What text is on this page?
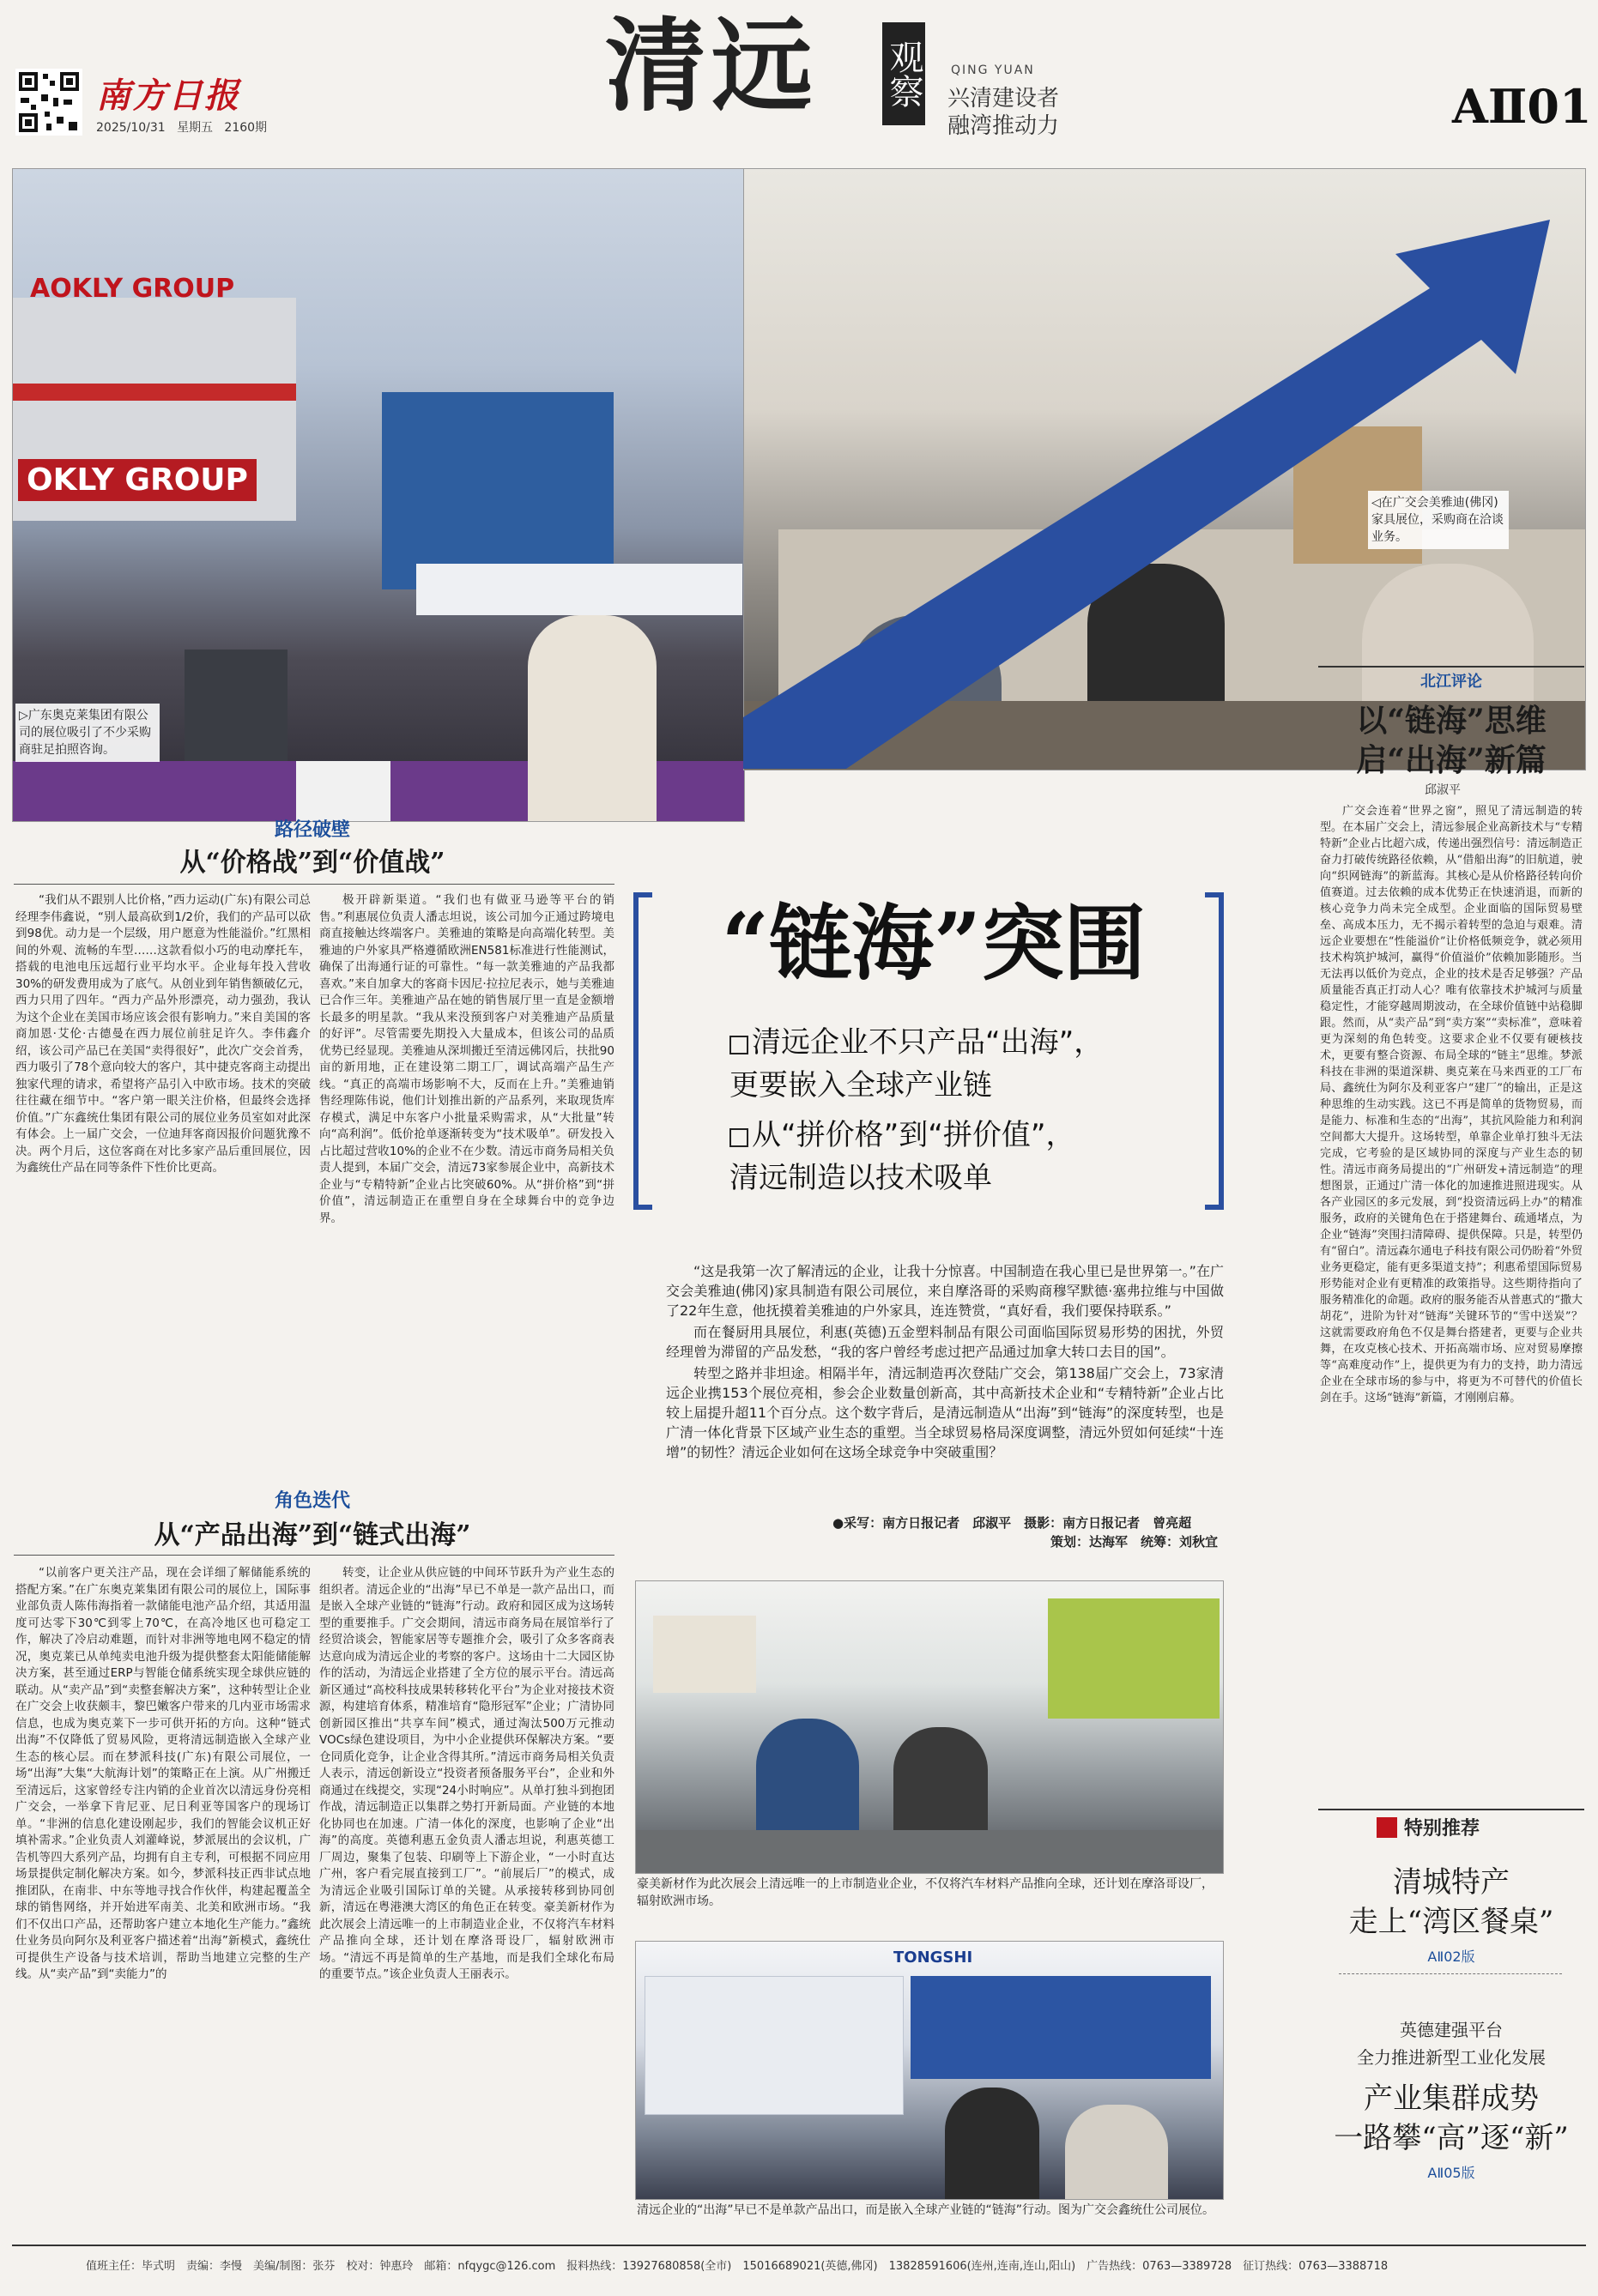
南方日报
2025/10/31 星期五 2160期
清远 观察 QING YUAN
兴清建设者
融湾推动力	AⅡ01
AOKLY GROUP
OKLY GROUP
▷广东奥克莱集团有限公司的展位吸引了不少采购商驻足拍照咨询。
◁在广交会美雅迪(佛冈)家具展位，采购商在洽谈业务。
“链海”突围
清远企业不只产品“出海”，
更要嵌入全球产业链
从“拼价格”到“拼价值”，
清远制造以技术吸单

“这是我第一次了解清远的企业，让我十分惊喜。中国制造在我心里已是世界第一。”在广交会美雅迪(佛冈)家具制造有限公司展位，来自摩洛哥的采购商穆罕默德·塞弗拉维与中国做了22年生意，他抚摸着美雅迪的户外家具，连连赞赏，“真好看，我们要保持联系。”

而在餐厨用具展位，利惠(英德)五金塑料制品有限公司面临国际贸易形势的困扰，外贸经理曾为滞留的产品发愁，“我的客户曾经考虑过把产品通过加拿大转口去目的国”。

转型之路并非坦途。相隔半年，清远制造再次登陆广交会，第138届广交会上，73家清远企业携153个展位亮相，参会企业数量创新高，其中高新技术企业和“专精特新”企业占比较上届提升超11个百分点。这个数字背后，是清远制造从“出海”到“链海”的深度转型，也是广清一体化背景下区域产业生态的重塑。当全球贸易格局深度调整，清远外贸如何延续“十连增”的韧性？清远企业如何在这场全球竞争中突破重围？

●采写：南方日报记者　邱淑平　摄影：南方日报记者　曾亮超
策划：达海军　统筹：刘秋宜
豪美新材作为此次展会上清远唯一的上市制造业企业，不仅将汽车材料产品推向全球，还计划在摩洛哥设厂，辐射欧洲市场。
TONGSHI
清远企业的“出海”早已不是单款产品出口，而是嵌入全球产业链的“链海”行动。图为广交会鑫统仕公司展位。
路径破壁
从“价格战”到“价值战”
“我们从不跟别人比价格，”西力运动(广东)有限公司总经理李伟鑫说，“别人最高砍到1/2价，我们的产品可以砍到98优。动力是一个层级，用户愿意为性能溢价。”红黑相间的外观、流畅的车型……这款看似小巧的电动摩托车，搭载的电池电压远超行业平均水平。企业每年投入营收30%的研发费用成为了底气。从创业到年销售额破亿元，西力只用了四年。“西力产品外形漂亮，动力强劲，我认为这个企业在美国市场应该会很有影响力。”来自美国的客商加恩·艾伦·古德曼在西力展位前驻足许久。李伟鑫介绍，该公司产品已在美国“卖得很好”，此次广交会首秀，西力吸引了78个意向较大的客户，其中捷克客商主动提出独家代理的请求，希望将产品引入中欧市场。技术的突破往往藏在细节中。“客户第一眼关注价格，但最终会选择价值。”广东鑫统仕集团有限公司的展位业务员室如对此深有体会。上一届广交会，一位迪拜客商因报价问题犹豫不决。两个月后，这位客商在对比多家产品后重回展位，因为鑫统仕产品在同等条件下性价比更高。
极开辟新渠道。“我们也有做亚马逊等平台的销售。”利惠展位负责人潘志坦说，该公司加今正通过跨境电商直接触达终端客户。美雅迪的策略是向高端化转型。美雅迪的户外家具严格遵循欧洲EN581标准进行性能测试，确保了出海通行证的可靠性。“每一款美雅迪的产品我都喜欢。”来自加拿大的客商卡因尼·拉拉尼表示，她与美雅迪已合作三年。美雅迪产品在她的销售展厅里一直是金额增长最多的明星款。“我从来没预到客户对美雅迪产品质量的好评”。尽管需要先期投入大量成本，但该公司的品质优势已经显现。美雅迪从深圳搬迁至清远佛冈后，扶批90亩的新用地，正在建设第二期工厂，调试高端产品生产线。“真正的高端市场影响不大，反而在上升。”美雅迪销售经理陈伟说，他们计划推出新的产品系列，来取现货库存模式，满足中东客户小批量采购需求，从“大批量”转向“高利润”。低价抢单逐渐转变为“技术吸单”。研发投入占比超过营收10%的企业不在少数。清远市商务局相关负责人提到，本届广交会，清远73家参展企业中，高新技术企业与“专精特新”企业占比突破60%。从“拼价格”到“拼价值”，清远制造正在重塑自身在全球舞台中的竞争边界。
角色迭代
从“产品出海”到“链式出海”
“以前客户更关注产品，现在会详细了解储能系统的搭配方案。”在广东奥克莱集团有限公司的展位上，国际事业部负责人陈伟海指着一款储能电池产品介绍，其适用温度可达零下30℃到零上70℃，在高冷地区也可稳定工作，解决了冷启动难题，而针对非洲等地电网不稳定的情况，奥克莱已从单纯卖电池升级为提供整套太阳能储能解决方案，甚至通过ERP与智能仓储系统实现全球供应链的联动。从“卖产品”到“卖整套解决方案”，这种转型让企业在广交会上收获颇丰，黎巴嫩客户带来的几内亚市场需求信息，也成为奥克莱下一步可供开拓的方向。这种“链式出海”不仅降低了贸易风险，更将清远制造嵌入全球产业生态的核心层。而在梦派科技(广东)有限公司展位，一场“出海”大集“大航海计划”的策略正在上演。从广州搬迁至清远后，这家曾经专注内销的企业首次以清远身份亮相广交会，一举拿下肯尼亚、尼日利亚等国客户的现场订单。“非洲的信息化建设刚起步，我们的智能会议机正好填补需求。”企业负责人刘灌峰说，梦派展出的会议机，广告机等四大系列产品，均拥有自主专利，可根据不同应用场景提供定制化解决方案。如今，梦派科技正西非试点地推团队，在南非、中东等地寻找合作伙伴，构建起覆盖全球的销售网络，并开始进军南美、北美和欧洲市场。“我们不仅出口产品，还帮助客户建立本地化生产能力。”鑫统仕业务员向阿尔及利亚客户描述着“出海”新模式，鑫统仕可提供生产设备与技术培训，帮助当地建立完整的生产线。从“卖产品”到“卖能力”的
转变，让企业从供应链的中间环节跃升为产业生态的组织者。清远企业的“出海”早已不单是一款产品出口，而是嵌入全球产业链的“链海”行动。政府和园区成为这场转型的重要推手。广交会期间，清远市商务局在展馆举行了经贸洽谈会，智能家居等专题推介会，吸引了众多客商表达意向成为清远企业的考察的客户。这场由十二大园区协作的活动，为清远企业搭建了全方位的展示平台。清远高新区通过“高校科技成果转移转化平台”为企业对接技术资源，构建培育体系，精准培育“隐形冠军”企业；广清协同创新园区推出“共享车间”模式，通过淘汰500万元推动VOCs绿色建设项目，为中小企业提供环保解决方案。“要仓同质化竞争，让企业含得其所。”清远市商务局相关负责人表示，清远创新设立“投资者预备服务平台”，企业和外商通过在线提交，实现“24小时响应”。从单打独斗到抱团作战，清远制造正以集群之势打开新局面。产业链的本地化协同也在加速。广清一体化的深度，也影响了企业“出海”的高度。英德利惠五金负责人潘志坦说，利惠英德工厂周边，聚集了包装、印刷等上下游企业，“一小时直达广州，客户看完展直接到工厂”。“前展后厂”的模式，成为清远企业吸引国际订单的关键。从承接转移到协同创新，清远在粤港澳大湾区的角色正在转变。豪美新材作为此次展会上清远唯一的上市制造业企业，不仅将汽车材料产品推向全球，还计划在摩洛哥设厂，辐射欧洲市场。“清远不再是简单的生产基地，而是我们全球化布局的重要节点。”该企业负责人王丽表示。
北江评论
以“链海”思维
启“出海”新篇
邱淑平
广交会连着“世界之窗”，照见了清远制造的转型。在本届广交会上，清远参展企业高新技术与“专精特新”企业占比超六成，传递出强烈信号：清远制造正奋力打破传统路径依赖，从“借船出海”的旧航道，驶向“织网链海”的新蓝海。其核心是从价格路径转向价值赛道。过去依赖的成本优势正在快速消退，而新的核心竞争力尚未完全成型。企业面临的国际贸易壁垒、高成本压力，无不揭示着转型的急迫与艰难。清远企业要想在“性能溢价”让价格低频竞争，就必须用技术构筑护城河，赢得“价值溢价”依赖加影随形。当无法再以低价为竞点，企业的技术是否足够强？产品质量能否真正打动人心？唯有依靠技术护城河与质量稳定性，才能穿越周期波动，在全球价值链中站稳脚跟。然而，从“卖产品”到“卖方案”“卖标准”，意味着更为深刻的角色转变。这要求企业不仅要有硬核技术，更要有整合资源、布局全球的“链主”思维。梦派科技在非洲的渠道深耕、奥克莱在马来西亚的工厂布局、鑫统仕为阿尔及利亚客户“建厂”的输出，正是这种思维的生动实践。这已不再是简单的货物贸易，而是能力、标准和生态的“出海”，其抗风险能力和利润空间都大大提升。这场转型，单靠企业单打独斗无法完成，它考验的是区域协同的深度与产业生态的韧性。清远市商务局提出的“广州研发+清远制造”的理想图景，正通过广清一体化的加速推进照进现实。从各产业园区的多元发展，到“投资清远码上办”的精准服务，政府的关键角色在于搭建舞台、疏通堵点，为企业“链海”突围扫清障碍、提供保障。只是，转型仍有“留白”。清远森尔通电子科技有限公司仍盼着“外贸业务更稳定，能有更多渠道支持”；利惠希望国际贸易形势能对企业有更精准的政策指导。这些期待指向了服务精准化的命题。政府的服务能否从普惠式的“撒大胡花”，进阶为针对“链海”关键环节的“雪中送炭”？这就需要政府角色不仅是舞台搭建者，更要与企业共舞，在攻克核心技术、开拓高端市场、应对贸易摩擦等“高难度动作”上，提供更为有力的支持，助力清远企业在全球市场的参与中，将更为不可替代的价值长剑在手。这场“链海”新篇，才刚刚启幕。
特别推荐
清城特产
走上“湾区餐桌”
AⅡ02版
英德建强平台
全力推进新型工业化发展
产业集群成势
一路攀“高”逐“新”
AⅡ05版
值班主任：毕式明　责编：李慢　美编/制图：张芬　校对：钟惠玲　邮箱：nfqygc@126.com　报料热线：13927680858(全市)　15016689021(英德,佛冈)　13828591606(连州,连南,连山,阳山)　广告热线：0763—3389728　征订热线：0763—3388718
